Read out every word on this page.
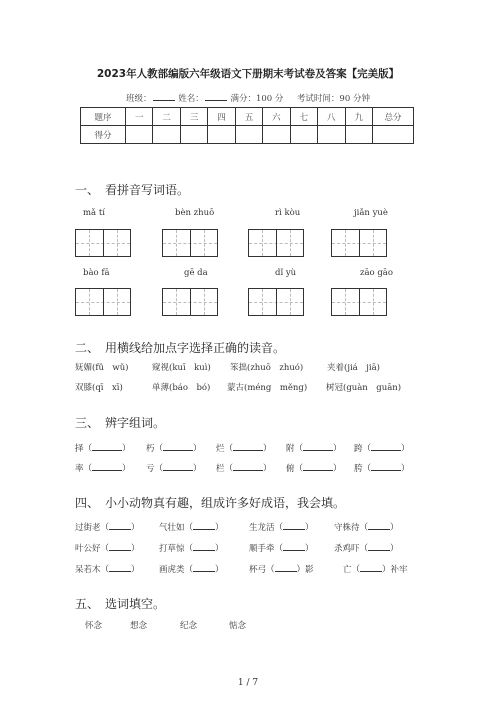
2023年人教部编版六年级语文下册期末考试卷及答案【完美版】
班级：	姓名：	满分：100 分 考试时间：90 分钟
题序	一	二	三	四	五	六	七	八	九	总分
得分										
一、 看拼音写词语。
mǎ tí	bèn zhuō	rì kòu	jiǎn yuè
bào fā	gē da	dǐ yù	zāo gāo
二、 用横线给加点字选择正确的读音。
妩媚(fǔ　wǔ)	窥视(kuī　kuì) 笨拙(zhuō　zhuó)	夹着(jiá　jiā)
双膝(qī　xī)	单薄(báo　bó) 蒙古(méng　měng) 树冠(guàn　guān)
三、 辨字组词。
择（	） 朽（	） 烂（	） 附（	） 跨（	）
率（	） 亏（	） 栏（	） 俯（	） 胯（	）
四、 小小动物真有趣，组成许多好成语，我会填。
过街老（	） 气壮如（	）	生龙活（	） 守株待（	）
叶公好（	） 打草惊（	）	顺手牵（	） 杀鸡吓（	）
呆若木（	） 画虎类（	）	杯弓（	）影	亡（	）补牢
五、 选词填空。
怀念	想念	纪念	惦念
1 / 7
